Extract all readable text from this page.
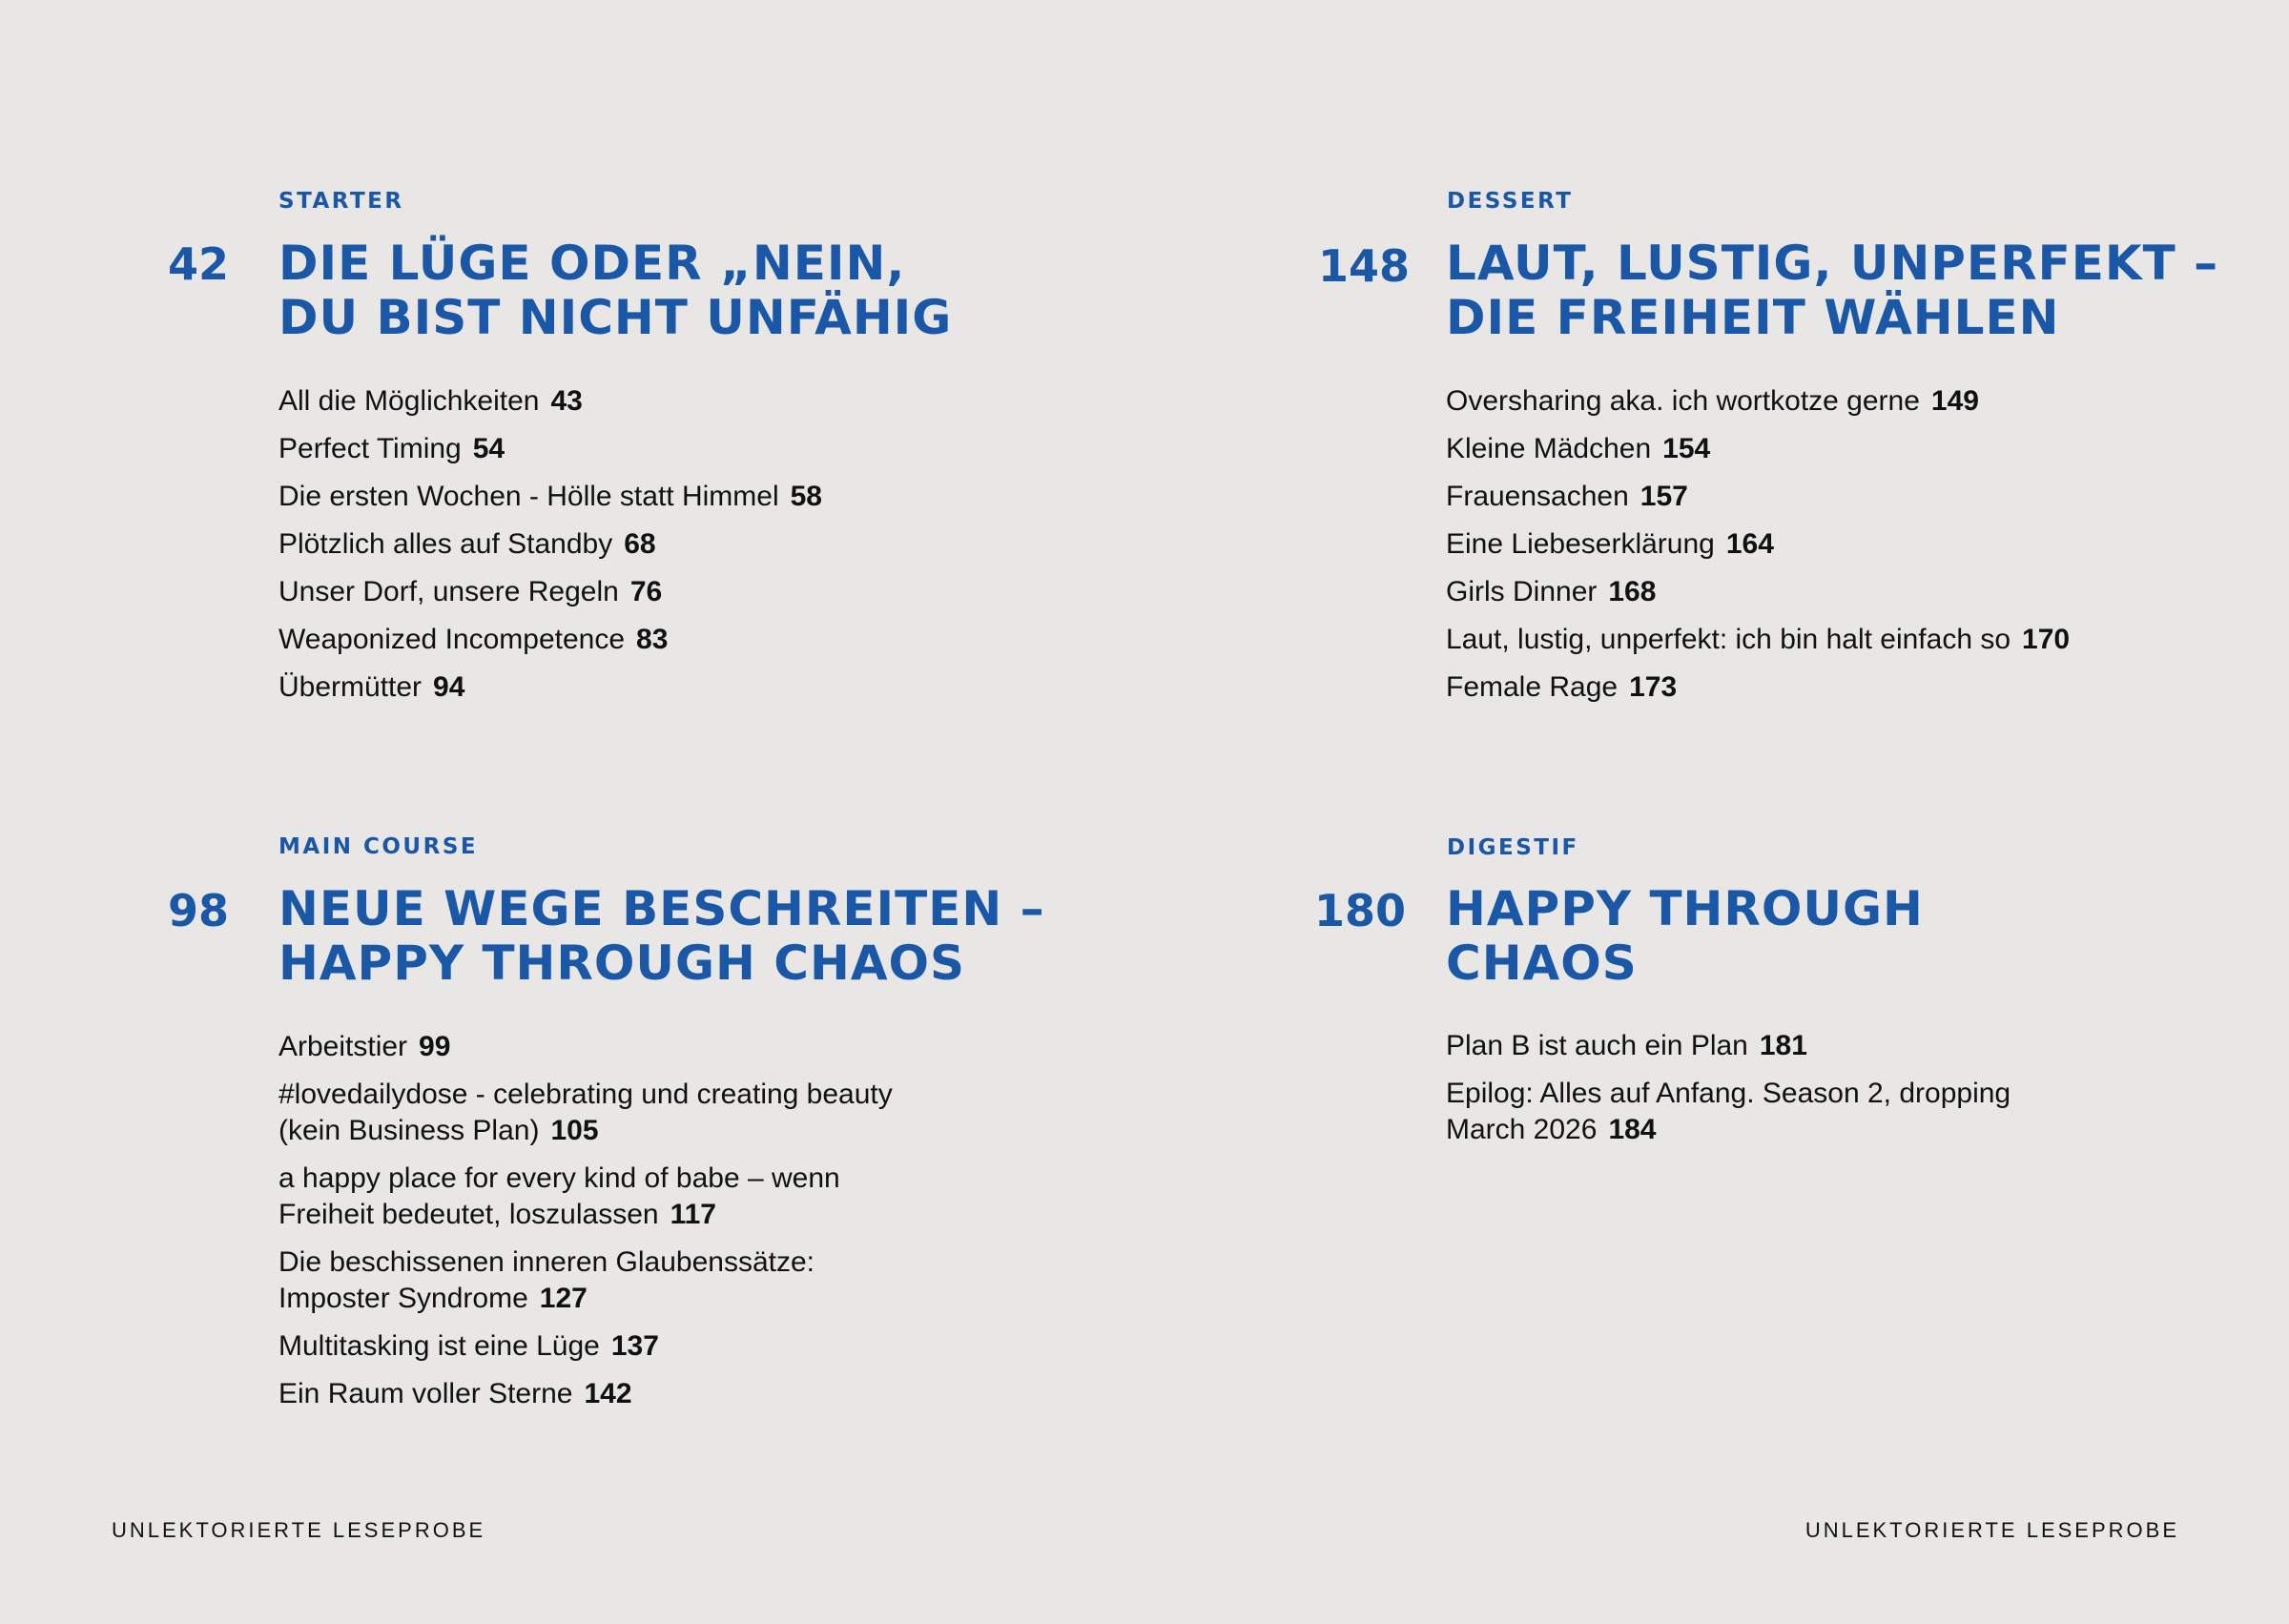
STARTER
42 DIE LÜGE ODER „NEIN,
DU BIST NICHT UNFÄHIG
All die Möglichkeiten 43
Perfect Timing 54
Die ersten Wochen - Hölle statt Himmel 58
Plötzlich alles auf Standby 68
Unser Dorf, unsere Regeln 76
Weaponized Incompetence 83
Übermütter 94
DESSERT
148 LAUT, LUSTIG, UNPERFEKT –
DIE FREIHEIT WÄHLEN
Oversharing aka. ich wortkotze gerne 149
Kleine Mädchen 154
Frauensachen 157
Eine Liebeserklärung 164
Girls Dinner 168
Laut, lustig, unperfekt: ich bin halt einfach so 170
Female Rage 173
MAIN COURSE
98 NEUE WEGE BESCHREITEN –
HAPPY THROUGH CHAOS
Arbeitstier 99
#lovedailydose - celebrating und creating beauty (kein Business Plan) 105
a happy place for every kind of babe – wenn Freiheit bedeutet, loszulassen 117
Die beschissenen inneren Glaubenssätze: Imposter Syndrome 127
Multitasking ist eine Lüge 137
Ein Raum voller Sterne 142
DIGESTIF
180 HAPPY THROUGH
CHAOS
Plan B ist auch ein Plan 181
Epilog: Alles auf Anfang. Season 2, dropping March 2026 184
UNLEKTORIERTE LESEPROBE	UNLEKTORIERTE LESEPROBE
